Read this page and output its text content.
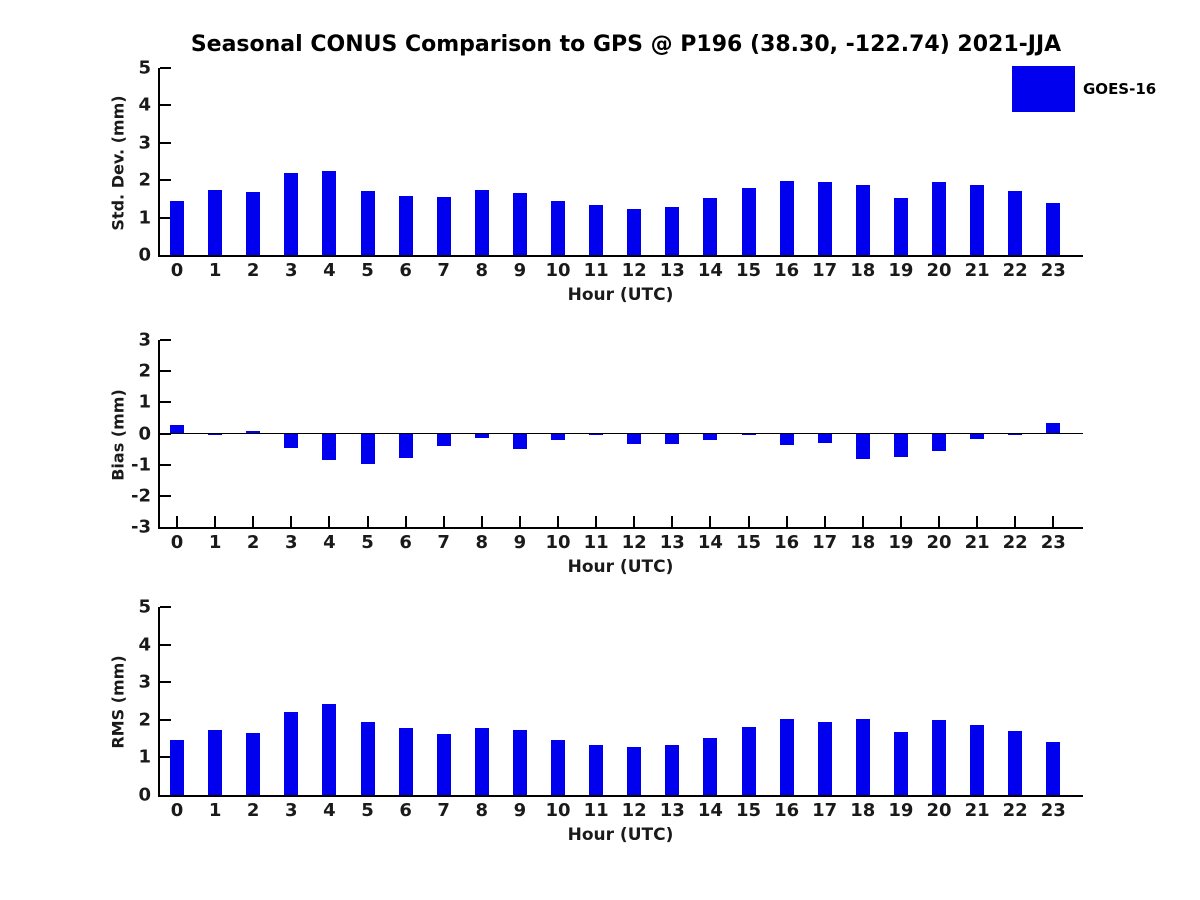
Seasonal CONUS Comparison to GPS @ P196 (38.30, -122.74) 2021-JJA
GOES-16
Std. Dev. (mm)
0
1
2
3
4
5
0	1	2	3	4	5	6	7	8	9	10 11 12 13 14 15 16 17 18 19 20 21 22 23
Hour (UTC)
Bias (mm)
-3
-2
-1
0
1
2
3
0	1	2	3	4	5	6	7	8	9	10 11 12 13 14 15 16 17 18 19 20 21 22 23
Hour (UTC)
RMS (mm)
0
1
2
3
4
5
0	1	2	3	4	5	6	7	8	9	10 11 12 13 14 15 16 17 18 19 20 21 22 23
Hour (UTC)
